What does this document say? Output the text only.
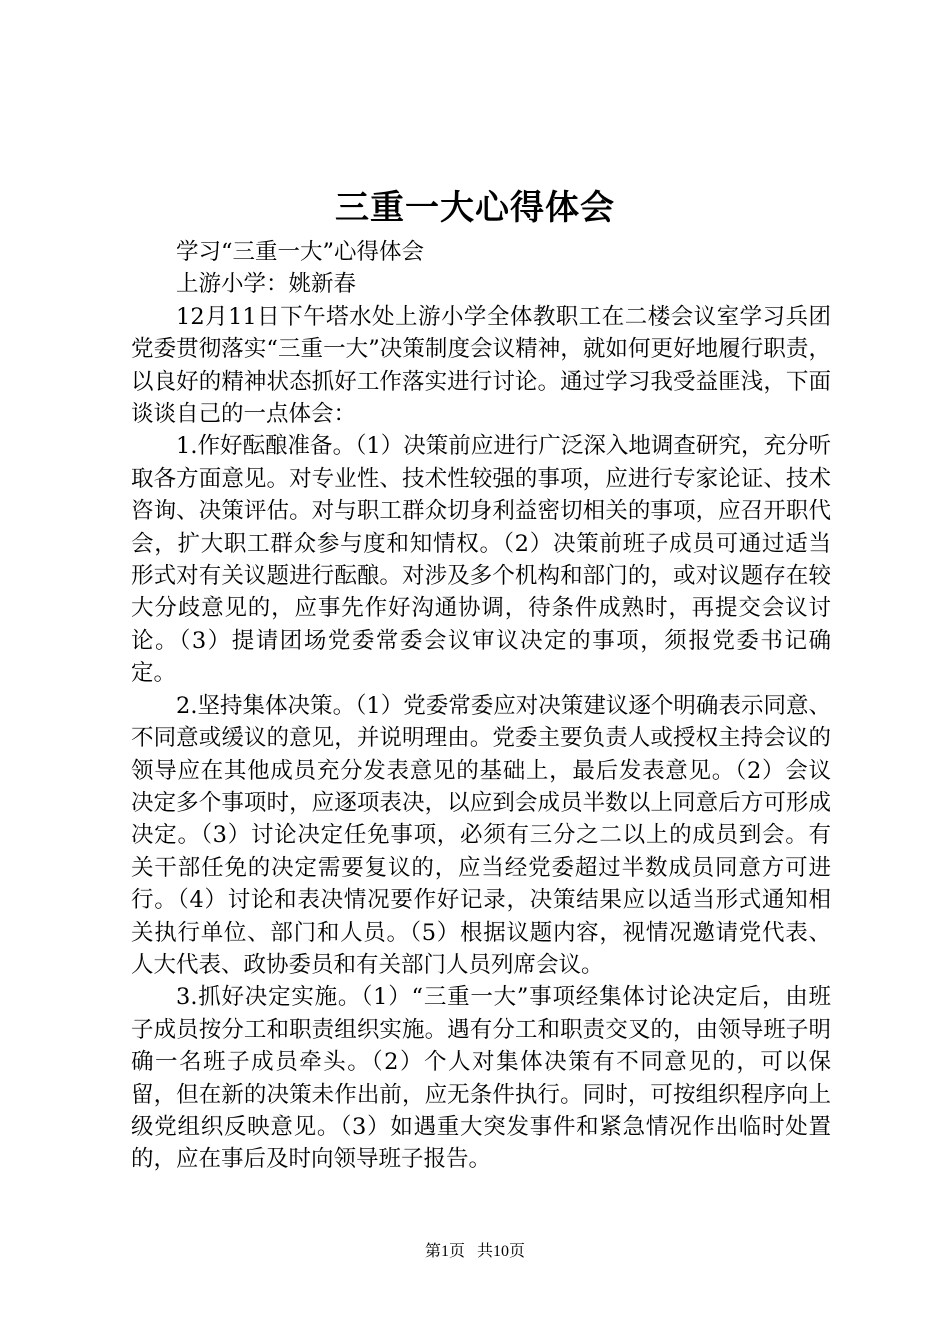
三重一大心得体会

学习“三重一大”心得体会

上游小学：姚新春

12月11日下午塔水处上游小学全体教职工在二楼会议室学习兵团党委贯彻落实“三重一大”决策制度会议精神，就如何更好地履行职责，以良好的精神状态抓好工作落实进行讨论。通过学习我受益匪浅，下面谈谈自己的一点体会：

1.作好酝酿准备。（1）决策前应进行广泛深入地调查研究，充分听取各方面意见。对专业性、技术性较强的事项，应进行专家论证、技术咨询、决策评估。对与职工群众切身利益密切相关的事项，应召开职代会，扩大职工群众参与度和知情权。（2）决策前班子成员可通过适当形式对有关议题进行酝酿。对涉及多个机构和部门的，或对议题存在较大分歧意见的，应事先作好沟通协调，待条件成熟时，再提交会议讨论。（3）提请团场党委常委会议审议决定的事项，须报党委书记确定。

2.坚持集体决策。（1）党委常委应对决策建议逐个明确表示同意、不同意或缓议的意见，并说明理由。党委主要负责人或授权主持会议的领导应在其他成员充分发表意见的基础上，最后发表意见。（2）会议决定多个事项时，应逐项表决，以应到会成员半数以上同意后方可形成决定。（3）讨论决定任免事项，必须有三分之二以上的成员到会。有关干部任免的决定需要复议的，应当经党委超过半数成员同意方可进行。（4）讨论和表决情况要作好记录，决策结果应以适当形式通知相关执行单位、部门和人员。（5）根据议题内容，视情况邀请党代表、人大代表、政协委员和有关部门人员列席会议。

3.抓好决定实施。（1）“三重一大”事项经集体讨论决定后，由班子成员按分工和职责组织实施。遇有分工和职责交叉的，由领导班子明确一名班子成员牵头。（2）个人对集体决策有不同意见的，可以保留，但在新的决策未作出前，应无条件执行。同时，可按组织程序向上级党组织反映意见。（3）如遇重大突发事件和紧急情况作出临时处置的，应在事后及时向领导班子报告。

第1页 共10页
